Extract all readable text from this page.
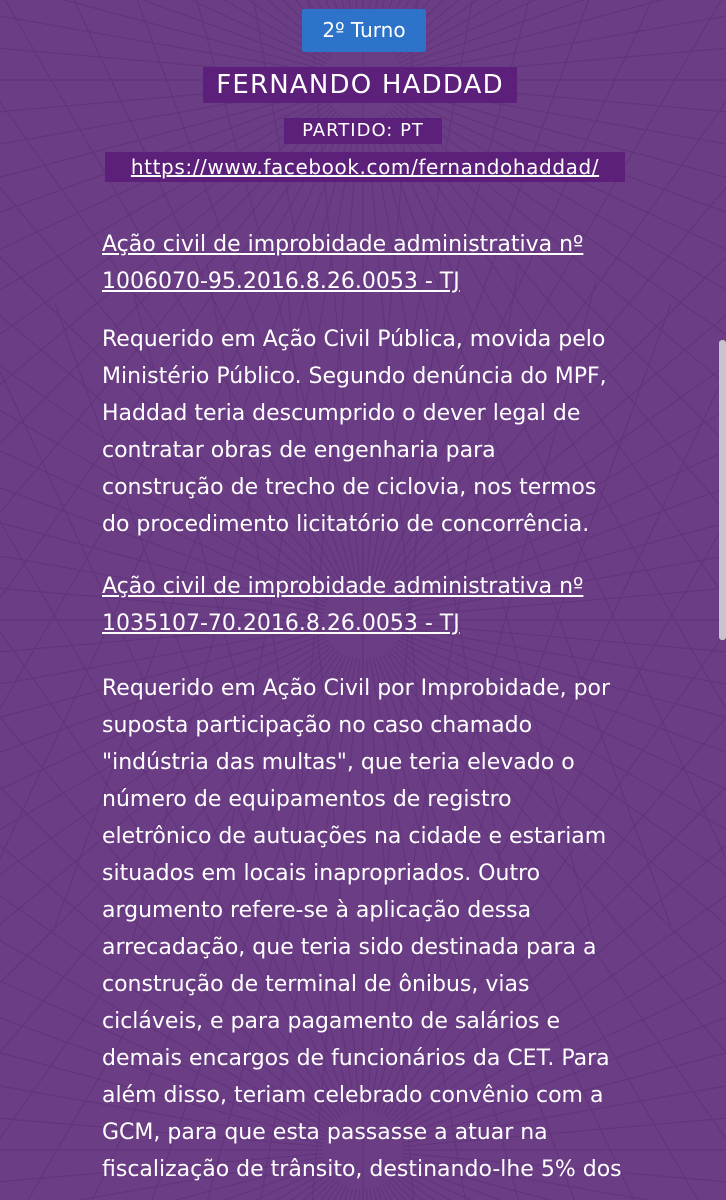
2º Turno
FERNANDO HADDAD
PARTIDO: PT
https://www.facebook.com/fernandohaddad/
Ação civil de improbidade administrativa nº
1006070-95.2016.8.26.0053 - TJ
Requerido em Ação Civil Pública, movida pelo
Ministério Público. Segundo denúncia do MPF,
Haddad teria descumprido o dever legal de
contratar obras de engenharia para
construção de trecho de ciclovia, nos termos
do procedimento licitatório de concorrência.
Ação civil de improbidade administrativa nº
1035107-70.2016.8.26.0053 - TJ
Requerido em Ação Civil por Improbidade, por
suposta participação no caso chamado
"indústria das multas", que teria elevado o
número de equipamentos de registro
eletrônico de autuações na cidade e estariam
situados em locais inapropriados. Outro
argumento refere-se à aplicação dessa
arrecadação, que teria sido destinada para a
construção de terminal de ônibus, vias
cicláveis, e para pagamento de salários e
demais encargos de funcionários da CET. Para
além disso, teriam celebrado convênio com a
GCM, para que esta passasse a atuar na
fiscalização de trânsito, destinando-lhe 5% dos
